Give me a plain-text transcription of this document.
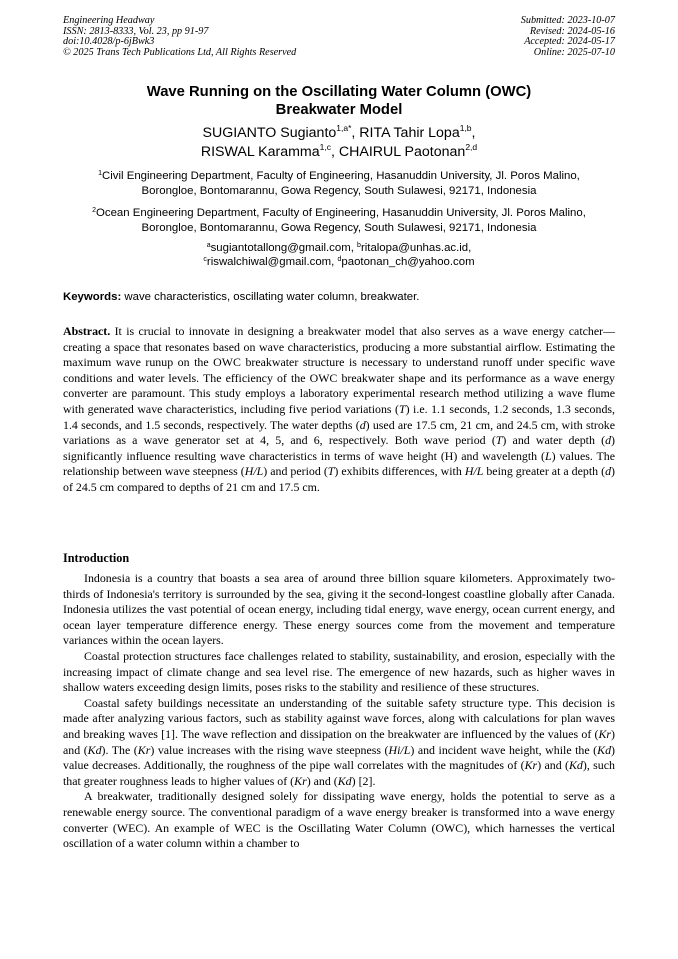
Engineering Headway
ISSN: 2813-8333, Vol. 23, pp 91-97
doi:10.4028/p-6jBwk3
© 2025 Trans Tech Publications Ltd, All Rights Reserved
Submitted: 2023-10-07
Revised: 2024-05-16
Accepted: 2024-05-17
Online: 2025-07-10
Wave Running on the Oscillating Water Column (OWC)
Breakwater Model
SUGIANTO Sugianto$^{1,a*}$, RITA Tahir Lopa$^{1,b}$,
RISWAL Karamma$^{1,c}$, CHAIRUL Paotonan$^{2,d}$
$^1$Civil Engineering Department, Faculty of Engineering, Hasanuddin University, Jl. Poros Malino,
Borongloe, Bontomarannu, Gowa Regency, South Sulawesi, 92171, Indonesia
$^2$Ocean Engineering Department, Faculty of Engineering, Hasanuddin University, Jl. Poros Malino,
Borongloe, Bontomarannu, Gowa Regency, South Sulawesi, 92171, Indonesia
$^a$sugiantotallong@gmail.com, $^b$ritalopa@unhas.ac.id,
$^c$riswalchiwal@gmail.com, $^d$paotonan_ch@yahoo.com
Keywords: wave characteristics, oscillating water column, breakwater.
Abstract. It is crucial to innovate in designing a breakwater model that also serves as a wave energy catcher—creating a space that resonates based on wave characteristics, producing a more substantial airflow. Estimating the maximum wave runup on the OWC breakwater structure is necessary to understand runoff under specific wave conditions and water levels. The efficiency of the OWC breakwater shape and its performance as a wave energy converter are paramount. This study employs a laboratory experimental research method utilizing a wave flume with generated wave characteristics, including five period variations (T) i.e. 1.1 seconds, 1.2 seconds, 1.3 seconds, 1.4 seconds, and 1.5 seconds, respectively. The water depths (d) used are 17.5 cm, 21 cm, and 24.5 cm, with stroke variations as a wave generator set at 4, 5, and 6, respectively. Both wave period (T) and water depth (d) significantly influence resulting wave characteristics in terms of wave height (H) and wavelength (L) values. The relationship between wave steepness (H/L) and period (T) exhibits differences, with H/L being greater at a depth (d) of 24.5 cm compared to depths of 21 cm and 17.5 cm.
Introduction

Indonesia is a country that boasts a sea area of around three billion square kilometers. Approximately two-thirds of Indonesia's territory is surrounded by the sea, giving it the second-longest coastline globally after Canada. Indonesia utilizes the vast potential of ocean energy, including tidal energy, wave energy, ocean current energy, and ocean layer temperature difference energy. These energy sources come from the movement and temperature variances within the ocean layers.

Coastal protection structures face challenges related to stability, sustainability, and erosion, especially with the increasing impact of climate change and sea level rise. The emergence of new hazards, such as higher waves in shallow waters exceeding design limits, poses risks to the stability and resilience of these structures.

Coastal safety buildings necessitate an understanding of the suitable safety structure type. This decision is made after analyzing various factors, such as stability against wave forces, along with calculations for plan waves and breaking waves [1]. The wave reflection and dissipation on the breakwater are influenced by the values of (Kr) and (Kd). The (Kr) value increases with the rising wave steepness (Hi/L) and incident wave height, while the (Kd) value decreases. Additionally, the roughness of the pipe wall correlates with the magnitudes of (Kr) and (Kd), such that greater roughness leads to higher values of (Kr) and (Kd) [2].

A breakwater, traditionally designed solely for dissipating wave energy, holds the potential to serve as a renewable energy source. The conventional paradigm of a wave energy breaker is transformed into a wave energy converter (WEC). An example of WEC is the Oscillating Water Column (OWC), which harnesses the vertical oscillation of a water column within a chamber to
